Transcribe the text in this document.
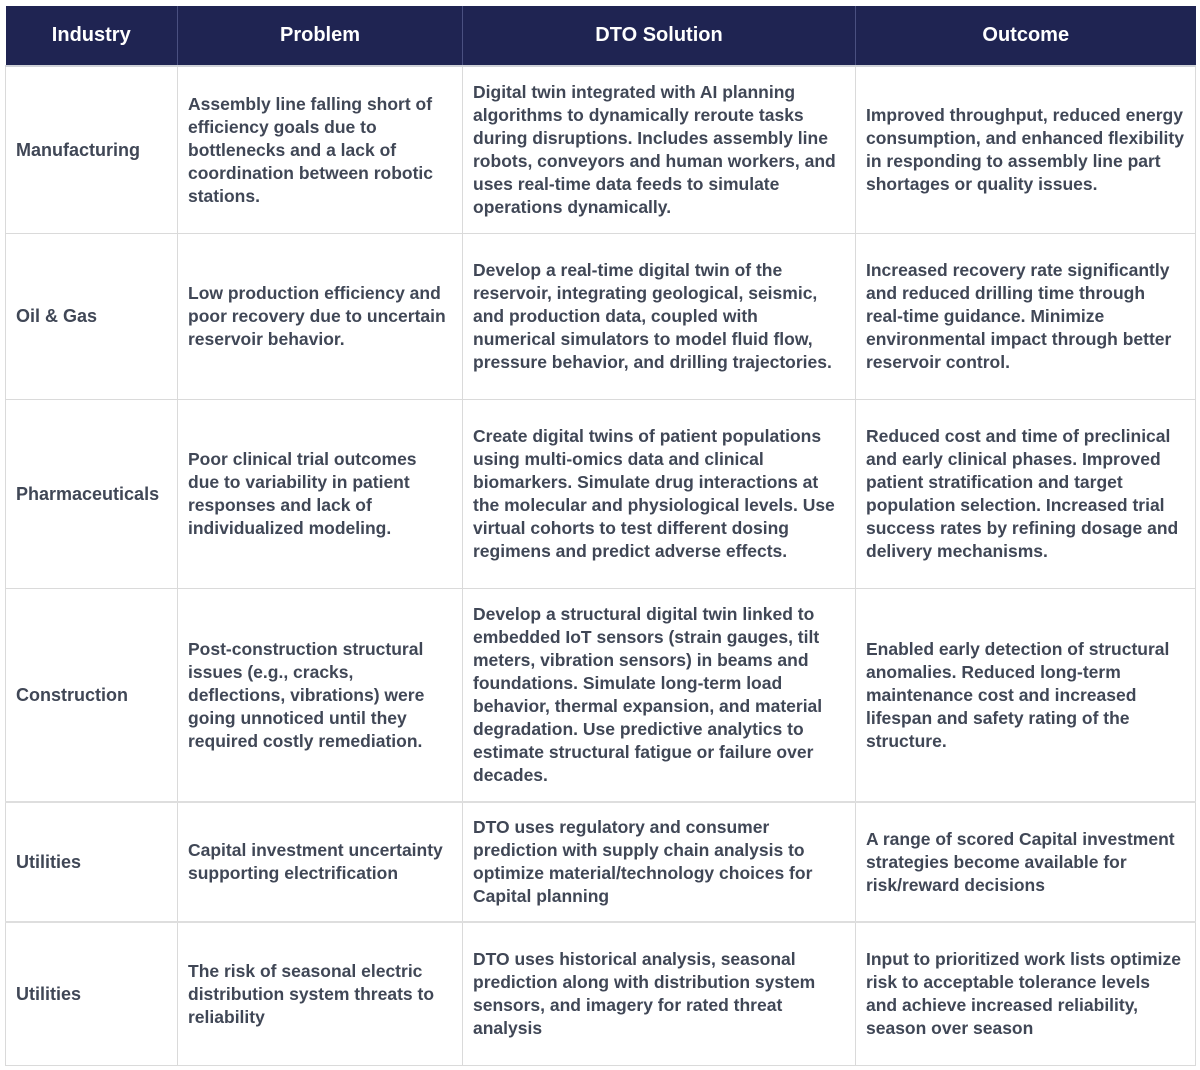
Industry	Problem	DTO Solution	Outcome
Manufacturing	Assembly line falling short of efficiency goals due to bottlenecks and a lack of coordination between robotic stations.	Digital twin integrated with AI planning algorithms to dynamically reroute tasks during disruptions. Includes assembly line robots, conveyors and human workers, and uses real-time data feeds to simulate operations dynamically.	Improved throughput, reduced energy consumption, and enhanced flexibility in responding to assembly line part shortages or quality issues.
Oil & Gas	Low production efficiency and poor recovery due to uncertain reservoir behavior.	Develop a real-time digital twin of the reservoir, integrating geological, seismic, and production data, coupled with numerical simulators to model fluid flow, pressure behavior, and drilling trajectories.	Increased recovery rate significantly and reduced drilling time through real-time guidance. Minimize environmental impact through better reservoir control.
Pharmaceuticals	Poor clinical trial outcomes due to variability in patient responses and lack of individualized modeling.	Create digital twins of patient populations using multi-omics data and clinical biomarkers. Simulate drug interactions at the molecular and physiological levels. Use virtual cohorts to test different dosing regimens and predict adverse effects.	Reduced cost and time of preclinical and early clinical phases. Improved patient stratification and target population selection. Increased trial success rates by refining dosage and delivery mechanisms.
Construction	Post-construction structural issues (e.g., cracks, deflections, vibrations) were going unnoticed until they required costly remediation.	Develop a structural digital twin linked to embedded IoT sensors (strain gauges, tilt meters, vibration sensors) in beams and foundations. Simulate long-term load behavior, thermal expansion, and material degradation. Use predictive analytics to estimate structural fatigue or failure over decades.	Enabled early detection of structural anomalies. Reduced long-term maintenance cost and increased lifespan and safety rating of the structure.
Utilities	Capital investment uncertainty supporting electrification	DTO uses regulatory and consumer prediction with supply chain analysis to optimize material/technology choices for Capital planning	A range of scored Capital investment strategies become available for risk/reward decisions
Utilities	The risk of seasonal electric distribution system threats to reliability	DTO uses historical analysis, seasonal prediction along with distribution system sensors, and imagery for rated threat analysis	Input to prioritized work lists optimize risk to acceptable tolerance levels and achieve increased reliability, season over season
